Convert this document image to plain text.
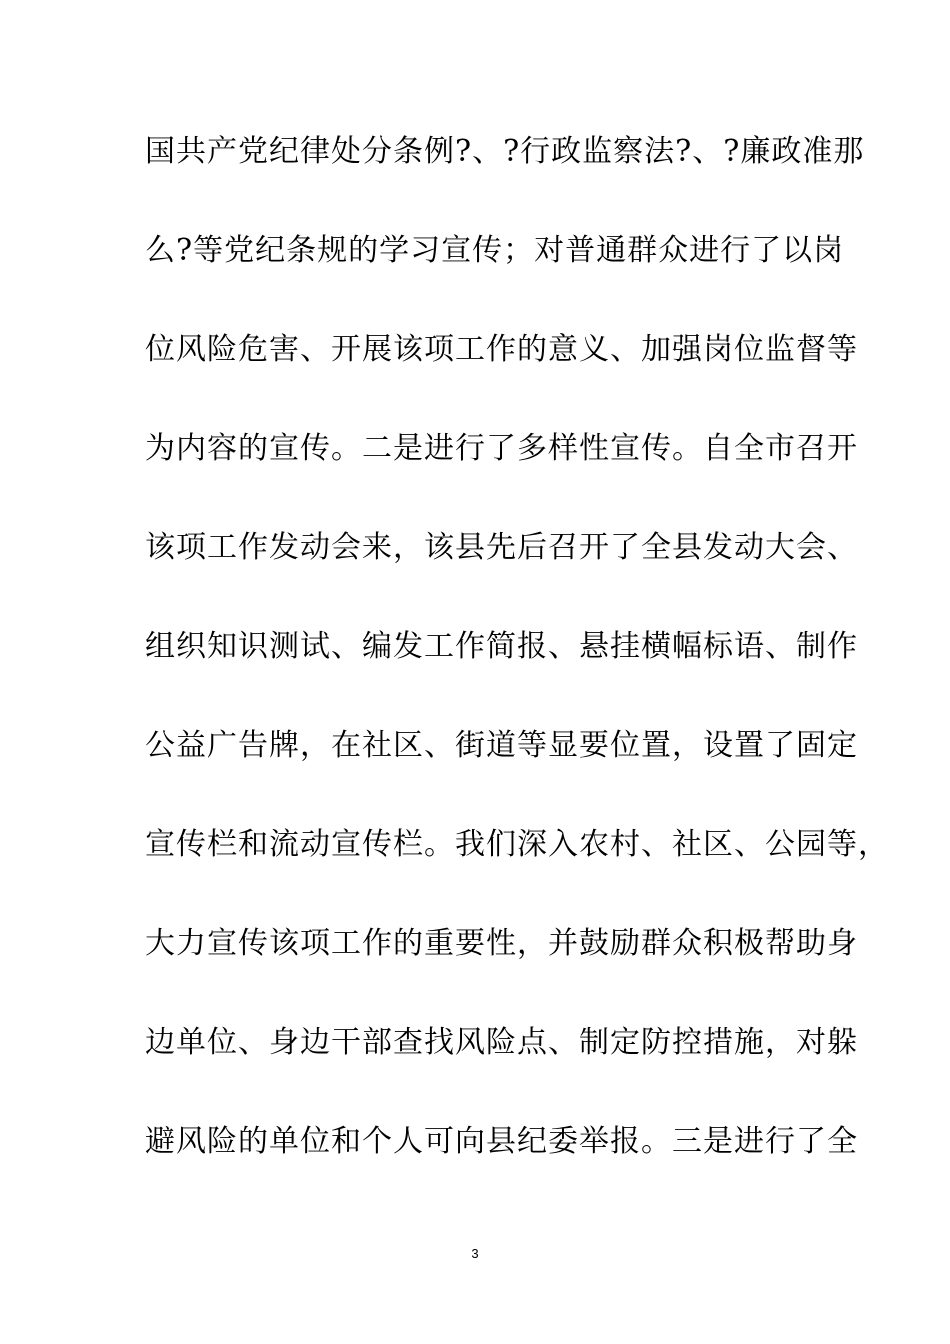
国共产党纪律处分条例?、?行政监察法?、?廉政准那
么?等党纪条规的学习宣传；对普通群众进行了以岗
位风险危害、开展该项工作的意义、加强岗位监督等
为内容的宣传。二是进行了多样性宣传。自全市召开
该项工作发动会来，该县先后召开了全县发动大会、
组织知识测试、编发工作简报、悬挂横幅标语、制作
公益广告牌，在社区、街道等显要位置，设置了固定
宣传栏和流动宣传栏。我们深入农村、社区、公园等，
大力宣传该项工作的重要性，并鼓励群众积极帮助身
边单位、身边干部查找风险点、制定防控措施，对躲
避风险的单位和个人可向县纪委举报。三是进行了全
3
